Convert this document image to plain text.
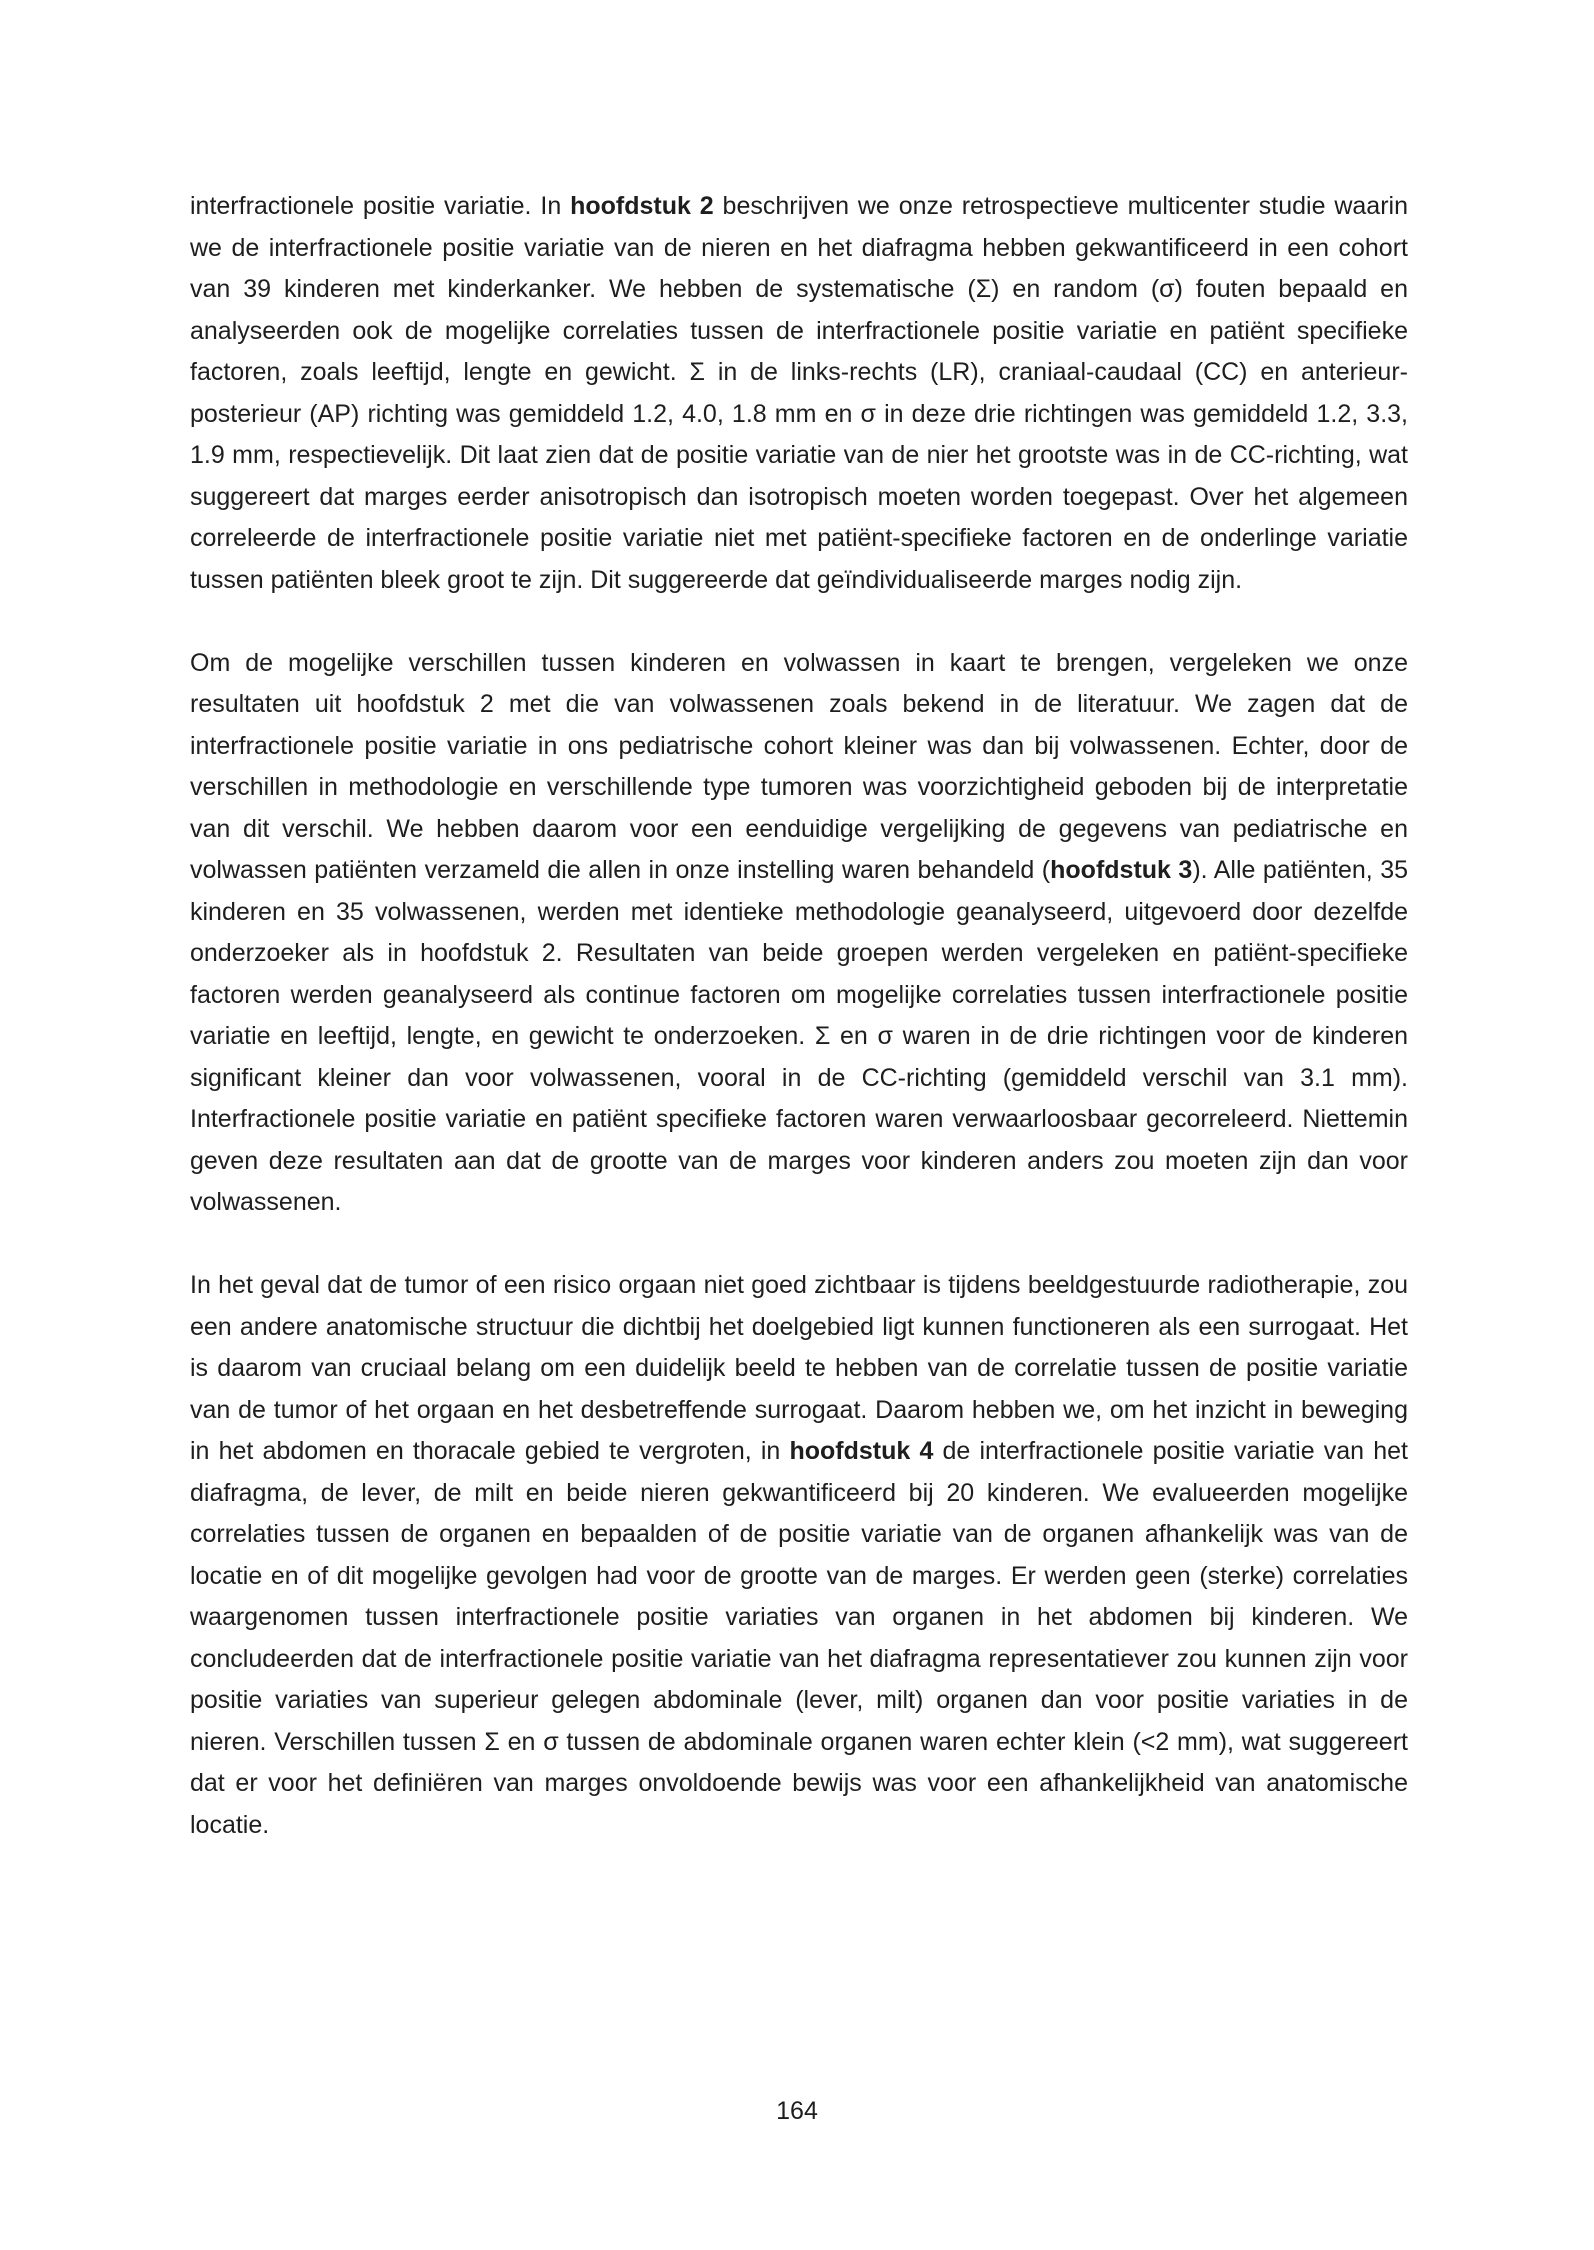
interfractionele positie variatie. In hoofdstuk 2 beschrijven we onze retrospectieve multicenter studie waarin we de interfractionele positie variatie van de nieren en het diafragma hebben gekwantificeerd in een cohort van 39 kinderen met kinderkanker. We hebben de systematische (Σ) en random (σ) fouten bepaald en analyseerden ook de mogelijke correlaties tussen de interfractionele positie variatie en patiënt specifieke factoren, zoals leeftijd, lengte en gewicht. Σ in de links-rechts (LR), craniaal-caudaal (CC) en anterieur-posterieur (AP) richting was gemiddeld 1.2, 4.0, 1.8 mm en σ in deze drie richtingen was gemiddeld 1.2, 3.3, 1.9 mm, respectievelijk. Dit laat zien dat de positie variatie van de nier het grootste was in de CC-richting, wat suggereert dat marges eerder anisotropisch dan isotropisch moeten worden toegepast. Over het algemeen correleerde de interfractionele positie variatie niet met patiënt-specifieke factoren en de onderlinge variatie tussen patiënten bleek groot te zijn. Dit suggereerde dat geïndividualiseerde marges nodig zijn.

Om de mogelijke verschillen tussen kinderen en volwassen in kaart te brengen, vergeleken we onze resultaten uit hoofdstuk 2 met die van volwassenen zoals bekend in de literatuur. We zagen dat de interfractionele positie variatie in ons pediatrische cohort kleiner was dan bij volwassenen. Echter, door de verschillen in methodologie en verschillende type tumoren was voorzichtigheid geboden bij de interpretatie van dit verschil. We hebben daarom voor een eenduidige vergelijking de gegevens van pediatrische en volwassen patiënten verzameld die allen in onze instelling waren behandeld (hoofdstuk 3). Alle patiënten, 35 kinderen en 35 volwassenen, werden met identieke methodologie geanalyseerd, uitgevoerd door dezelfde onderzoeker als in hoofdstuk 2. Resultaten van beide groepen werden vergeleken en patiënt-specifieke factoren werden geanalyseerd als continue factoren om mogelijke correlaties tussen interfractionele positie variatie en leeftijd, lengte, en gewicht te onderzoeken. Σ en σ waren in de drie richtingen voor de kinderen significant kleiner dan voor volwassenen, vooral in de CC-richting (gemiddeld verschil van 3.1 mm). Interfractionele positie variatie en patiënt specifieke factoren waren verwaarloosbaar gecorreleerd. Niettemin geven deze resultaten aan dat de grootte van de marges voor kinderen anders zou moeten zijn dan voor volwassenen.

In het geval dat de tumor of een risico orgaan niet goed zichtbaar is tijdens beeldgestuurde radiotherapie, zou een andere anatomische structuur die dichtbij het doelgebied ligt kunnen functioneren als een surrogaat. Het is daarom van cruciaal belang om een duidelijk beeld te hebben van de correlatie tussen de positie variatie van de tumor of het orgaan en het desbetreffende surrogaat. Daarom hebben we, om het inzicht in beweging in het abdomen en thoracale gebied te vergroten, in hoofdstuk 4 de interfractionele positie variatie van het diafragma, de lever, de milt en beide nieren gekwantificeerd bij 20 kinderen. We evalueerden mogelijke correlaties tussen de organen en bepaalden of de positie variatie van de organen afhankelijk was van de locatie en of dit mogelijke gevolgen had voor de grootte van de marges. Er werden geen (sterke) correlaties waargenomen tussen interfractionele positie variaties van organen in het abdomen bij kinderen. We concludeerden dat de interfractionele positie variatie van het diafragma representatiever zou kunnen zijn voor positie variaties van superieur gelegen abdominale (lever, milt) organen dan voor positie variaties in de nieren. Verschillen tussen Σ en σ tussen de abdominale organen waren echter klein (<2 mm), wat suggereert dat er voor het definiëren van marges onvoldoende bewijs was voor een afhankelijkheid van anatomische locatie.

164
